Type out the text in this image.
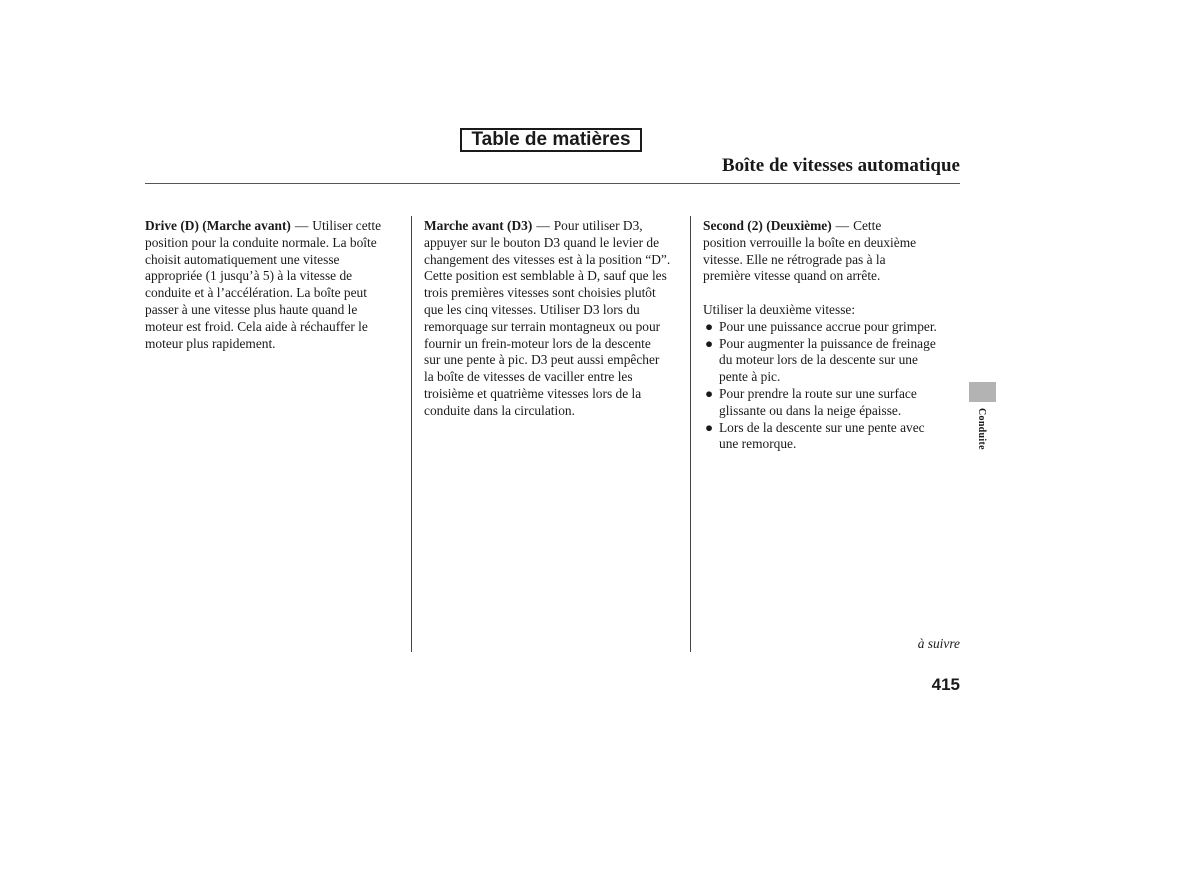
Table de matières
Boîte de vitesses automatique

Drive (D) (Marche avant) — Utiliser cette
position pour la conduite normale. La boîte
choisit automatiquement une vitesse
appropriée (1 jusqu’à 5) à la vitesse de
conduite et à l’accélération. La boîte peut
passer à une vitesse plus haute quand le
moteur est froid. Cela aide à réchauffer le
moteur plus rapidement.

Marche avant (D3) — Pour utiliser D3,
appuyer sur le bouton D3 quand le levier de
changement des vitesses est à la position “D”.
Cette position est semblable à D, sauf que les
trois premières vitesses sont choisies plutôt
que les cinq vitesses. Utiliser D3 lors du
remorquage sur terrain montagneux ou pour
fournir un frein-moteur lors de la descente
sur une pente à pic. D3 peut aussi empêcher
la boîte de vitesses de vaciller entre les
troisième et quatrième vitesses lors de la
conduite dans la circulation.

Second (2) (Deuxième) — Cette
position verrouille la boîte en deuxième
vitesse. Elle ne rétrograde pas à la
première vitesse quand on arrête.

Utiliser la deuxième vitesse:

● Pour une puissance accrue pour grimper.
● Pour augmenter la puissance de freinage
du moteur lors de la descente sur une
pente à pic.
● Pour prendre la route sur une surface
glissante ou dans la neige épaisse.
● Lors de la descente sur une pente avec
une remorque.	Conduite
à suivre
415
